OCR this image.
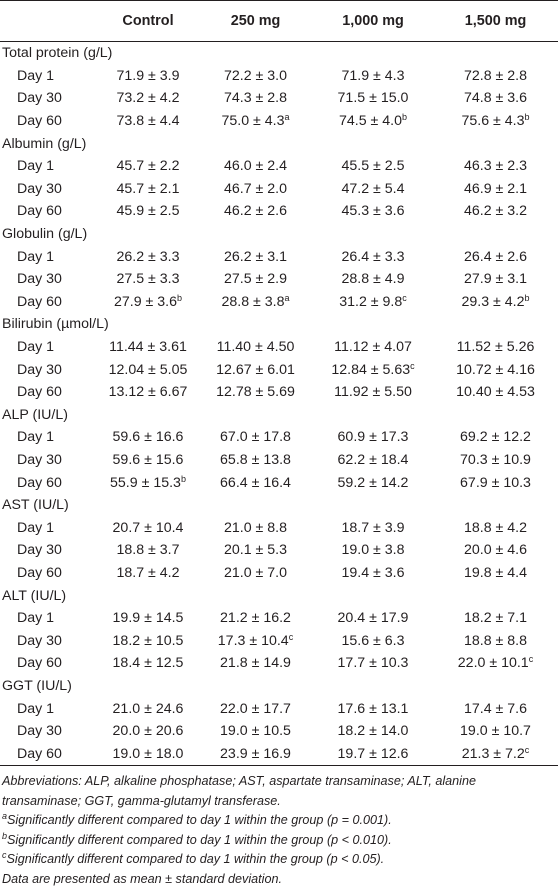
	Control	250 mg	1,000 mg	1,500 mg
Total protein (g/L)				
Day 1	71.9 ± 3.9	72.2 ± 3.0	71.9 ± 4.3	72.8 ± 2.8
Day 30	73.2 ± 4.2	74.3 ± 2.8	71.5 ± 15.0	74.8 ± 3.6
Day 60	73.8 ± 4.4	75.0 ± 4.3$^a$	74.5 ± 4.0$^b$	75.6 ± 4.3$^b$
Albumin (g/L)				
Day 1	45.7 ± 2.2	46.0 ± 2.4	45.5 ± 2.5	46.3 ± 2.3
Day 30	45.7 ± 2.1	46.7 ± 2.0	47.2 ± 5.4	46.9 ± 2.1
Day 60	45.9 ± 2.5	46.2 ± 2.6	45.3 ± 3.6	46.2 ± 3.2
Globulin (g/L)				
Day 1	26.2 ± 3.3	26.2 ± 3.1	26.4 ± 3.3	26.4 ± 2.6
Day 30	27.5 ± 3.3	27.5 ± 2.9	28.8 ± 4.9	27.9 ± 3.1
Day 60	27.9 ± 3.6$^b$	28.8 ± 3.8$^a$	31.2 ± 9.8$^c$	29.3 ± 4.2$^b$
Bilirubin (µmol/L)				
Day 1	11.44 ± 3.61	11.40 ± 4.50	11.12 ± 4.07	11.52 ± 5.26
Day 30	12.04 ± 5.05	12.67 ± 6.01	12.84 ± 5.63$^c$	10.72 ± 4.16
Day 60	13.12 ± 6.67	12.78 ± 5.69	11.92 ± 5.50	10.40 ± 4.53
ALP (IU/L)				
Day 1	59.6 ± 16.6	67.0 ± 17.8	60.9 ± 17.3	69.2 ± 12.2
Day 30	59.6 ± 15.6	65.8 ± 13.8	62.2 ± 18.4	70.3 ± 10.9
Day 60	55.9 ± 15.3$^b$	66.4 ± 16.4	59.2 ± 14.2	67.9 ± 10.3
AST (IU/L)				
Day 1	20.7 ± 10.4	21.0 ± 8.8	18.7 ± 3.9	18.8 ± 4.2
Day 30	18.8 ± 3.7	20.1 ± 5.3	19.0 ± 3.8	20.0 ± 4.6
Day 60	18.7 ± 4.2	21.0 ± 7.0	19.4 ± 3.6	19.8 ± 4.4
ALT (IU/L)				
Day 1	19.9 ± 14.5	21.2 ± 16.2	20.4 ± 17.9	18.2 ± 7.1
Day 30	18.2 ± 10.5	17.3 ± 10.4$^c$	15.6 ± 6.3	18.8 ± 8.8
Day 60	18.4 ± 12.5	21.8 ± 14.9	17.7 ± 10.3	22.0 ± 10.1$^c$
GGT (IU/L)				
Day 1	21.0 ± 24.6	22.0 ± 17.7	17.6 ± 13.1	17.4 ± 7.6
Day 30	20.0 ± 20.6	19.0 ± 10.5	18.2 ± 14.0	19.0 ± 10.7
Day 60	19.0 ± 18.0	23.9 ± 16.9	19.7 ± 12.6	21.3 ± 7.2$^c$

Abbreviations: ALP, alkaline phosphatase; AST, aspartate transaminase; ALT, alanine transaminase; GGT, gamma-glutamyl transferase.

$^a$Significantly different compared to day 1 within the group (p = 0.001).

$^b$Significantly different compared to day 1 within the group (p < 0.010).

$^c$Significantly different compared to day 1 within the group (p < 0.05).

Data are presented as mean ± standard deviation.
